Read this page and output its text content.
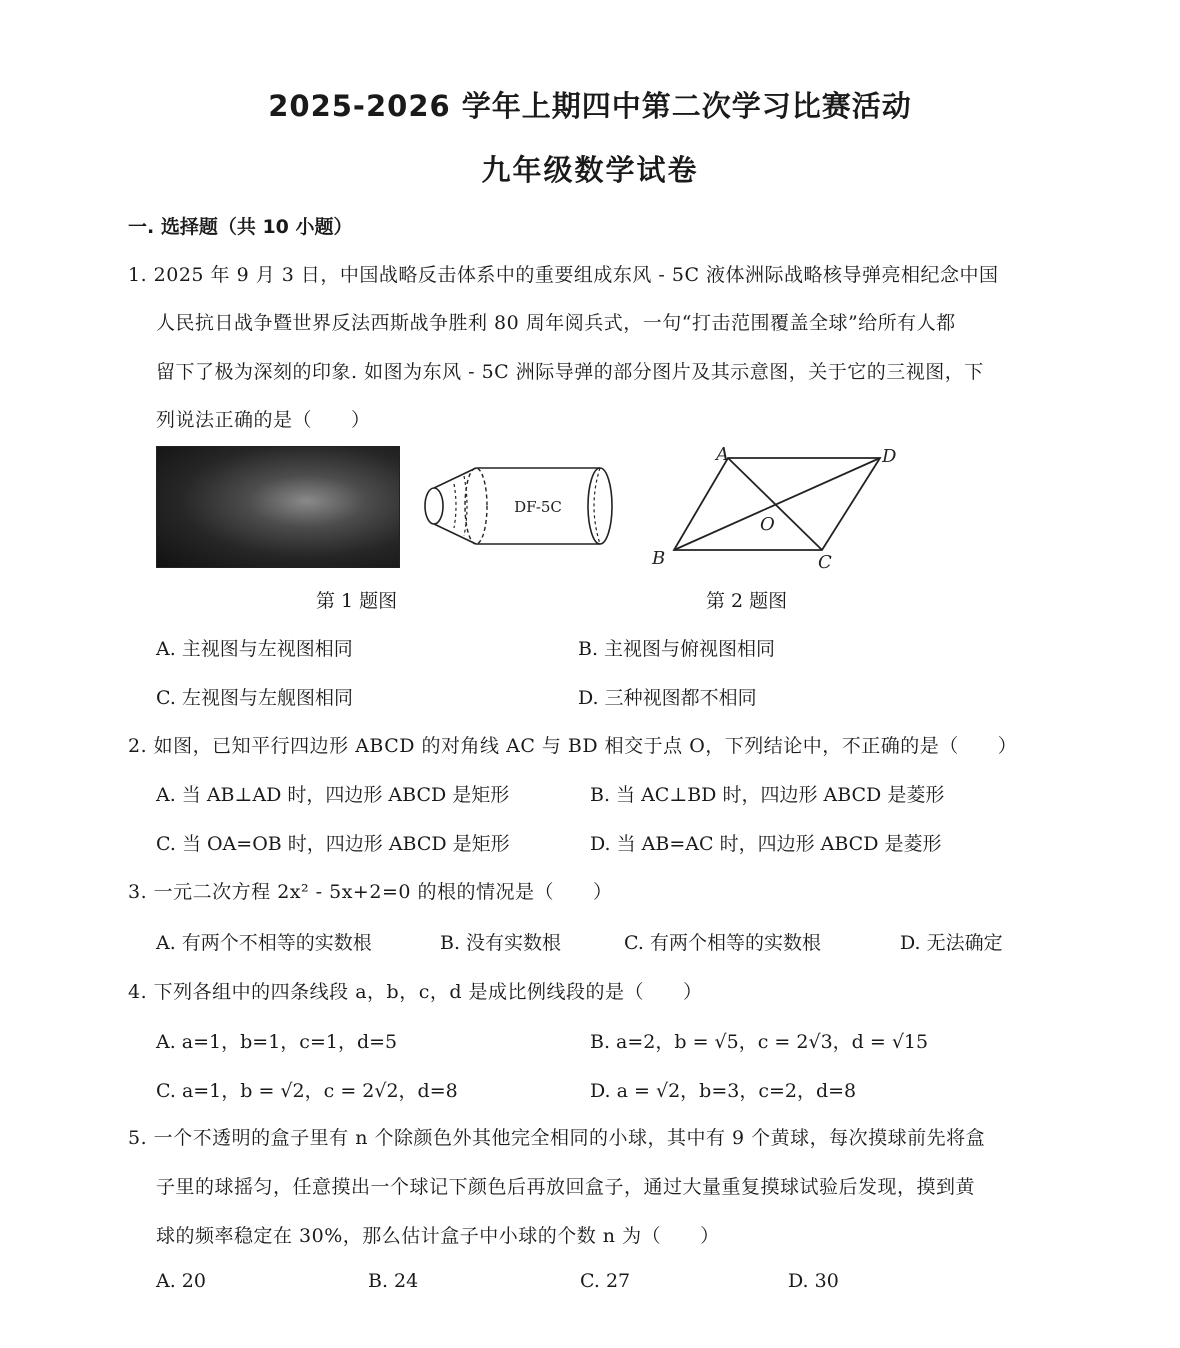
2025-2026 学年上期四中第二次学习比赛活动
九年级数学试卷
一. 选择题（共 10 小题）
1. 2025 年 9 月 3 日，中国战略反击体系中的重要组成东风 - 5C 液体洲际战略核导弹亮相纪念中国
人民抗日战争暨世界反法西斯战争胜利 80 周年阅兵式，一句“打击范围覆盖全球”给所有人都
留下了极为深刻的印象. 如图为东风 - 5C 洲际导弹的部分图片及其示意图，关于它的三视图，下
列说法正确的是（　　）
DF-5C
A	D
B	C
O
第 1 题图	第 2 题图
A. 主视图与左视图相同	B. 主视图与俯视图相同
C. 左视图与左舰图相同	D. 三种视图都不相同
2. 如图，已知平行四边形 ABCD 的对角线 AC 与 BD 相交于点 O，下列结论中，不正确的是（　　）
A. 当 AB⊥AD 时，四边形 ABCD 是矩形	B. 当 AC⊥BD 时，四边形 ABCD 是菱形
C. 当 OA=OB 时，四边形 ABCD 是矩形	D. 当 AB=AC 时，四边形 ABCD 是菱形
3. 一元二次方程 2x² - 5x+2=0 的根的情况是（　　）
A. 有两个不相等的实数根	B. 没有实数根	C. 有两个相等的实数根	D. 无法确定
4. 下列各组中的四条线段 a，b，c，d 是成比例线段的是（　　）
A. a=1，b=1，c=1，d=5	B. a=2，b = √5，c = 2√3，d = √15
C. a=1，b = √2，c = 2√2，d=8	D. a = √2，b=3，c=2，d=8
5. 一个不透明的盒子里有 n 个除颜色外其他完全相同的小球，其中有 9 个黄球，每次摸球前先将盒
子里的球摇匀，任意摸出一个球记下颜色后再放回盒子，通过大量重复摸球试验后发现，摸到黄
球的频率稳定在 30%，那么估计盒子中小球的个数 n 为（　　）
A. 20	B. 24	C. 27	D. 30
